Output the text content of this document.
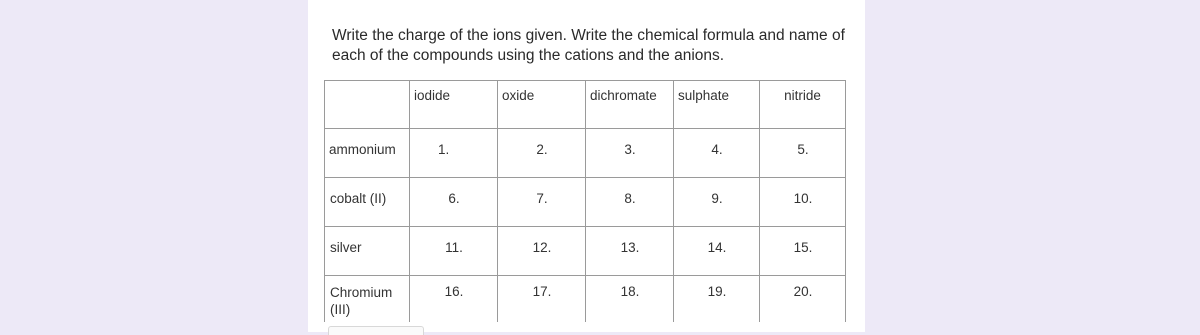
Write the charge of the ions given. Write the chemical formula and name of each of the compounds using the cations and the anions.

	iodide	oxide	dichromate	sulphate	nitride
ammonium	1.	2.	3.	4.	5.
cobalt (II)	6.	7.	8.	9.	10.
silver	11.	12.	13.	14.	15.
Chromium (III)	16.	17.	18.	19.	20.
